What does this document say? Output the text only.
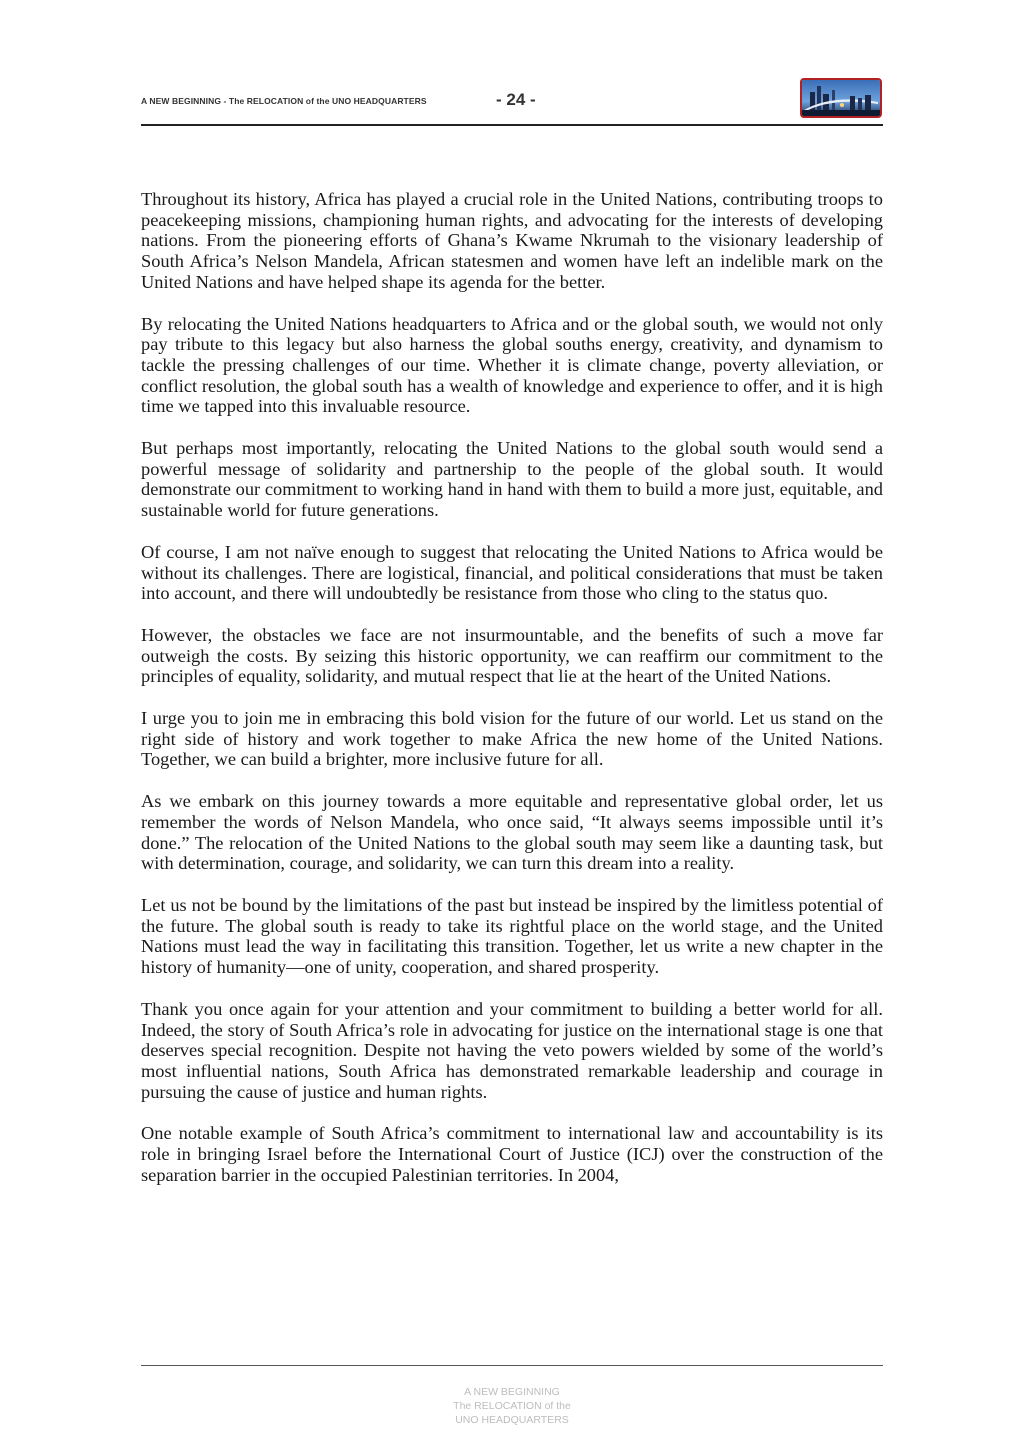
A NEW BEGINNING - The RELOCATION of the UNO HEADQUARTERS	- 24 -

Throughout its history, Africa has played a crucial role in the United Nations, contributing troops to peacekeeping missions, championing human rights, and advocating for the interests of developing nations. From the pioneering efforts of Ghana’s Kwame Nkrumah to the visionary leadership of South Africa’s Nelson Mandela, African statesmen and women have left an indelible mark on the United Nations and have helped shape its agenda for the better.

By relocating the United Nations headquarters to Africa and or the global south, we would not only pay tribute to this legacy but also harness the global souths energy, creativity, and dynamism to tackle the pressing challenges of our time. Whether it is climate change, poverty alleviation, or conflict resolution, the global south has a wealth of knowledge and experience to offer, and it is high time we tapped into this invaluable resource.

But perhaps most importantly, relocating the United Nations to the global south would send a powerful message of solidarity and partnership to the people of the global south. It would demonstrate our commitment to working hand in hand with them to build a more just, equitable, and sustainable world for future generations.

Of course, I am not naïve enough to suggest that relocating the United Nations to Africa would be without its challenges. There are logistical, financial, and political considerations that must be taken into account, and there will undoubtedly be resistance from those who cling to the status quo.

However, the obstacles we face are not insurmountable, and the benefits of such a move far outweigh the costs. By seizing this historic opportunity, we can reaffirm our commitment to the principles of equality, solidarity, and mutual respect that lie at the heart of the United Nations.

I urge you to join me in embracing this bold vision for the future of our world. Let us stand on the right side of history and work together to make Africa the new home of the United Nations. Together, we can build a brighter, more inclusive future for all.

As we embark on this journey towards a more equitable and representative global order, let us remember the words of Nelson Mandela, who once said, “It always seems impossible until it’s done.” The relocation of the United Nations to the global south may seem like a daunting task, but with determination, courage, and solidarity, we can turn this dream into a reality.

Let us not be bound by the limitations of the past but instead be inspired by the limitless potential of the future. The global south is ready to take its rightful place on the world stage, and the United Nations must lead the way in facilitating this transition. Together, let us write a new chapter in the history of humanity—one of unity, cooperation, and shared prosperity.

Thank you once again for your attention and your commitment to building a better world for all. Indeed, the story of South Africa’s role in advocating for justice on the international stage is one that deserves special recognition. Despite not having the veto powers wielded by some of the world’s most influential nations, South Africa has demonstrated remarkable leadership and courage in pursuing the cause of justice and human rights.

One notable example of South Africa’s commitment to international law and accountability is its role in bringing Israel before the International Court of Justice (ICJ) over the construction of the separation barrier in the occupied Palestinian territories. In 2004,

A NEW BEGINNING
The RELOCATION of the
UNO HEADQUARTERS
